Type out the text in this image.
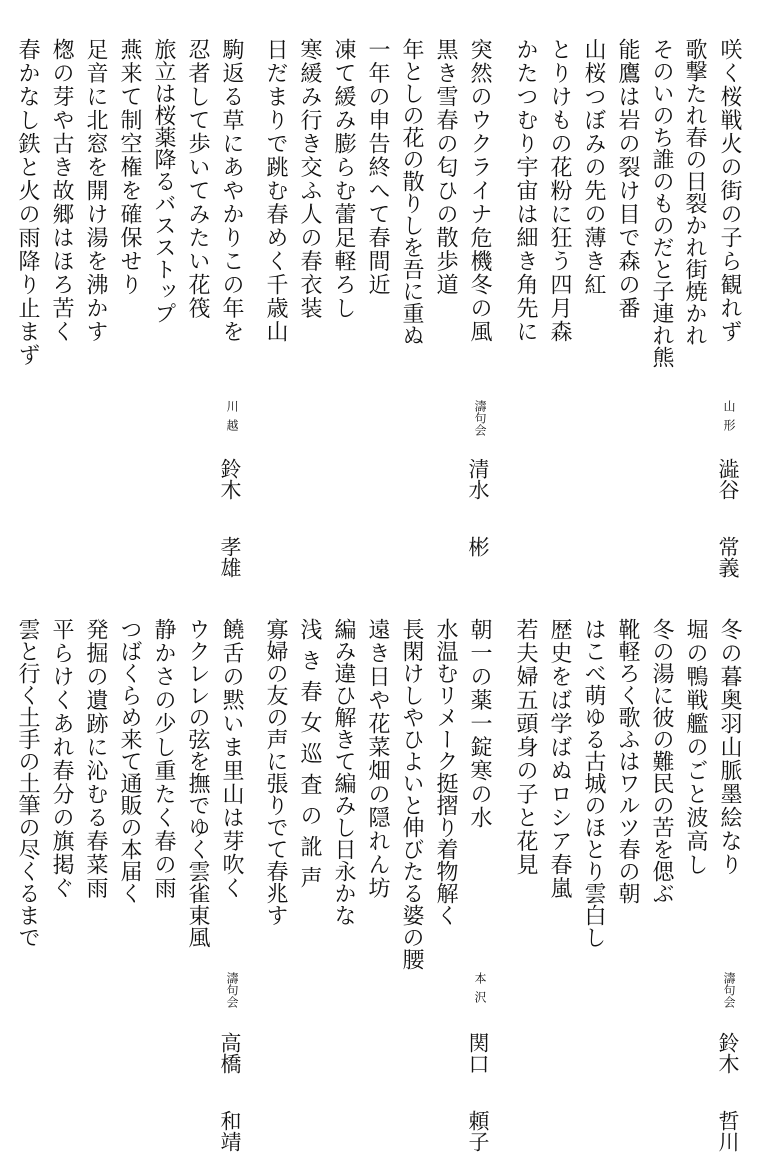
咲く桜戦火の街の子ら観れず
歌撃たれ春の日裂かれ街焼かれ
そのいのち誰のものだと子連れ熊
能鷹は岩の裂け目で森の番
山桜つぼみの先の薄き紅
とりけもの花粉に狂う四月森
かたつむり宇宙は細き角先に
山形
澁谷常義
突然のウクライナ危機冬の風
黒き雪春の匂ひの散歩道
年としの花の散りしを吾に重ぬ
一年の申告終へて春間近
凍て緩み膨らむ蕾足軽ろし
寒緩み行き交ふ人の春衣装
日だまりで跳む春めく千歳山
濤句会
清水彬
駒返る草にあやかりこの年を
忍者して歩いてみたい花筏
旅立は桜薬降るバスストップ
燕来て制空権を確保せり
足音に北窓を開け湯を沸かす
楤の芽や古き故郷はほろ苦く
春かなし鉄と火の雨降り止まず
川越
鈴木孝雄
冬の暮奥羽山脈墨絵なり
堀の鴨戦艦のごと波高し
冬の湯に彼の難民の苦を偲ぶ
靴軽ろく歌ふはワルツ春の朝
はこべ萌ゆる古城のほとり雲白し
歴史をば学ばぬロシア春嵐
若夫婦五頭身の子と花見
濤句会
鈴木哲川
朝一の薬一錠寒の水
水温むリメーク挺摺り着物解く
長閑けしやひよいと伸びたる婆の腰
遠き日や花菜畑の隠れん坊
編み違ひ解きて編みし日永かな
浅き春女巡査の訛声
寡婦の友の声に張りでて春兆す
本沢
関口頼子
饒舌の黙いま里山は芽吹く
ウクレレの弦を撫でゆく雲雀東風
静かさの少し重たく春の雨
つばくらめ来て通販の本届く
発掘の遺跡に沁むる春菜雨
平らけくあれ春分の旗掲ぐ
雲と行く土手の土筆の尽くるまで
濤句会
高橋和靖
